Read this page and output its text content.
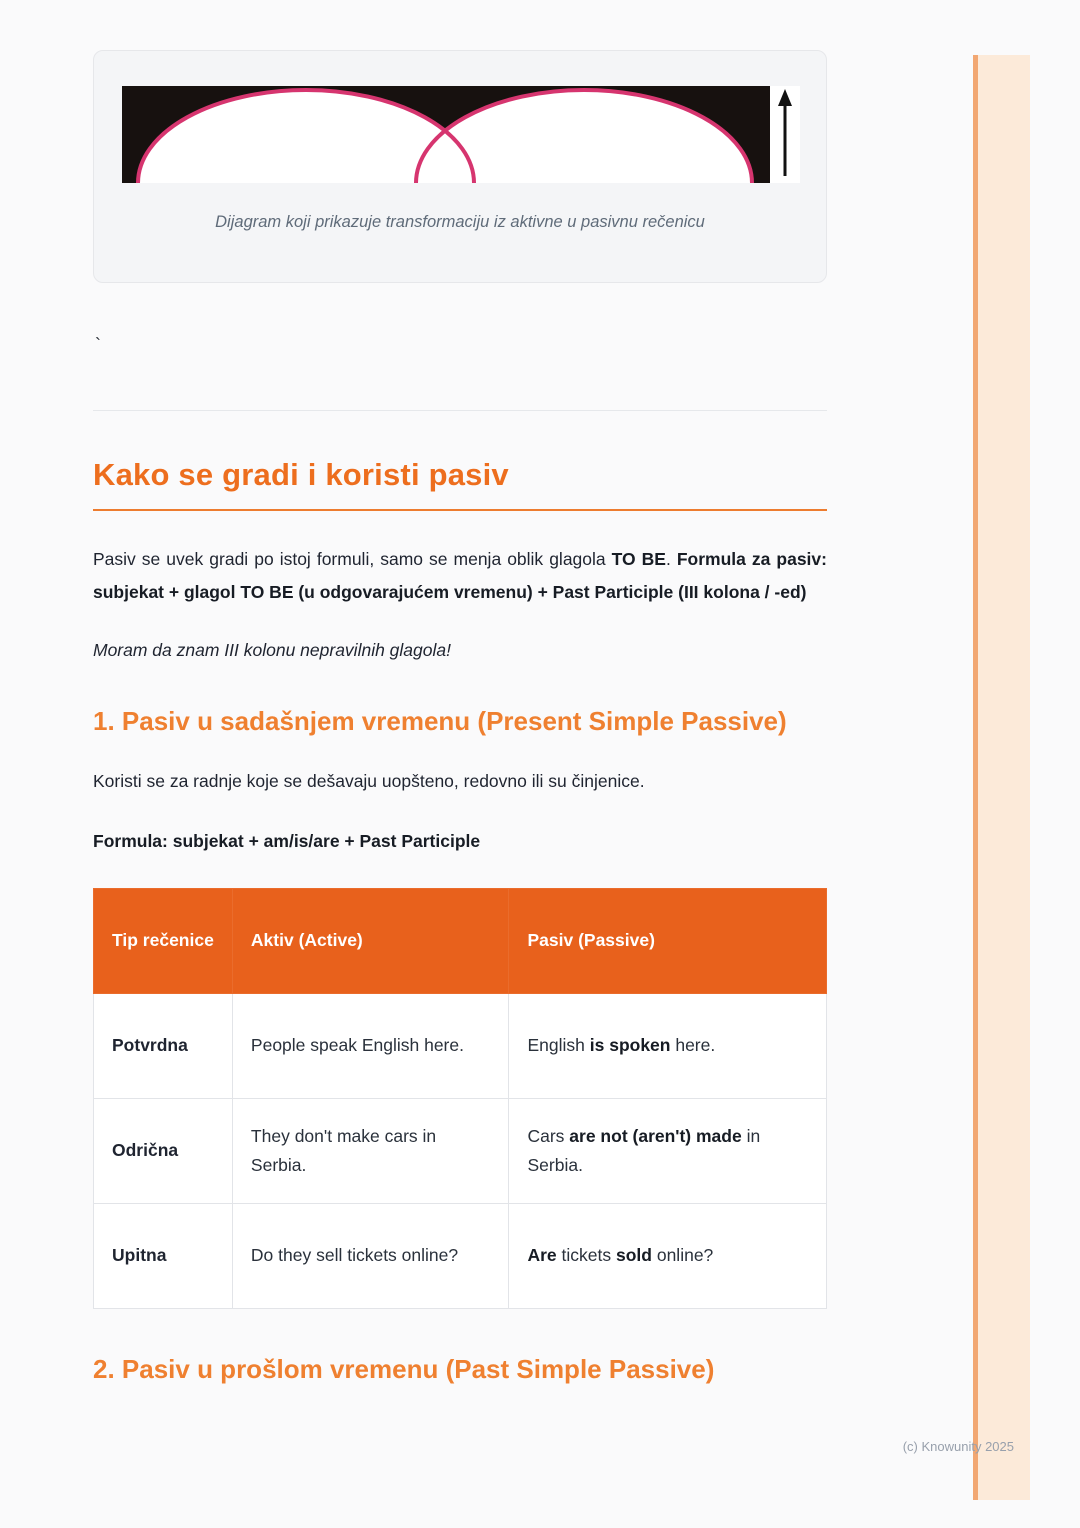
Dijagram koji prikazuje transformaciju iz aktivne u pasivnu rečenicu
`
Kako se gradi i koristi pasiv

Pasiv se uvek gradi po istoj formuli, samo se menja oblik glagola TO BE. Formula za pasiv: subjekat + glagol TO BE (u odgovarajućem vremenu) + Past Participle (III kolona / -ed)

Moram da znam III kolonu nepravilnih glagola!

1. Pasiv u sadašnjem vremenu (Present Simple Passive)

Koristi se za radnje koje se dešavaju uopšteno, redovno ili su činjenice.

Formula: subjekat + am/is/are + Past Participle

Tip rečenice	Aktiv (Active)	Pasiv (Passive)
Potvrdna	People speak English here.	English is spoken here.
Odrična	They don't make cars in Serbia.	Cars are not (aren't) made in Serbia.
Upitna	Do they sell tickets online?	Are tickets sold online?
2. Pasiv u prošlom vremenu (Past Simple Passive)
(c) Knowunity 2025
